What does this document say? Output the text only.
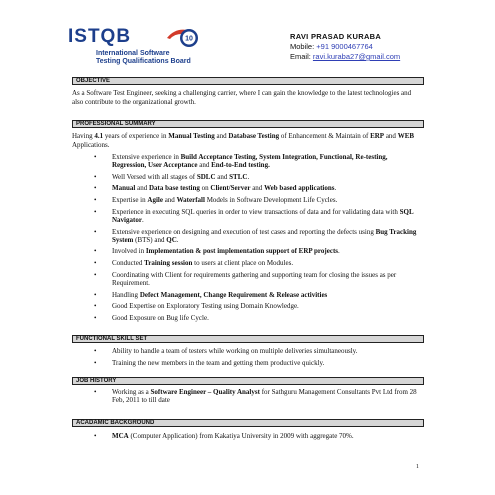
ISTQB	10
International Software
Testing Qualifications Board
RAVI PRASAD KURABA
Mobile: +91 9000467764
Email: ravi.kuraba27@gmail.com
OBJECTIVE
As a Software Test Engineer, seeking a challenging carrier, where I can gain the knowledge to the latest technologies and also contribute to the organizational growth.
PROFESSIONAL SUMMARY
Having 4.1 years of experience in Manual Testing and Database Testing of Enhancement & Maintain of ERP and WEB Applications.
• Extensive experience in Build Acceptance Testing, System Integration, Functional, Re-testing, Regression, User Acceptance and End-to-End testing.
• Well Versed with all stages of SDLC and STLC.
• Manual and Data base testing on Client/Server and Web based applications.
• Expertise in Agile and Waterfall Models in Software Development Life Cycles.
• Experience in executing SQL queries in order to view transactions of data and for validating data with SQL Navigator.
• Extensive experience on designing and execution of test cases and reporting the defects using Bug Tracking System (BTS) and QC.
• Involved in Implementation & post implementation support of ERP projects.
• Conducted Training session to users at client place on Modules.
• Coordinating with Client for requirements gathering and supporting team for closing the issues as per Requirement.
• Handling Defect Management, Change Requirement & Release activities
• Good Expertise on Exploratory Testing using Domain Knowledge.
• Good Exposure on Bug life Cycle.
FUNCTIONAL SKILL SET
• Ability to handle a team of testers while working on multiple deliveries simultaneously.
• Training the new members in the team and getting them productive quickly.
JOB HISTORY
• Working as a Software Engineer – Quality Analyst for Sathguru Management Consultants Pvt Ltd from 28 Feb, 2011 to till date
ACADAMIC BACKGROUND
• MCA (Computer Application) from Kakatiya University in 2009 with aggregate 70%.
1
